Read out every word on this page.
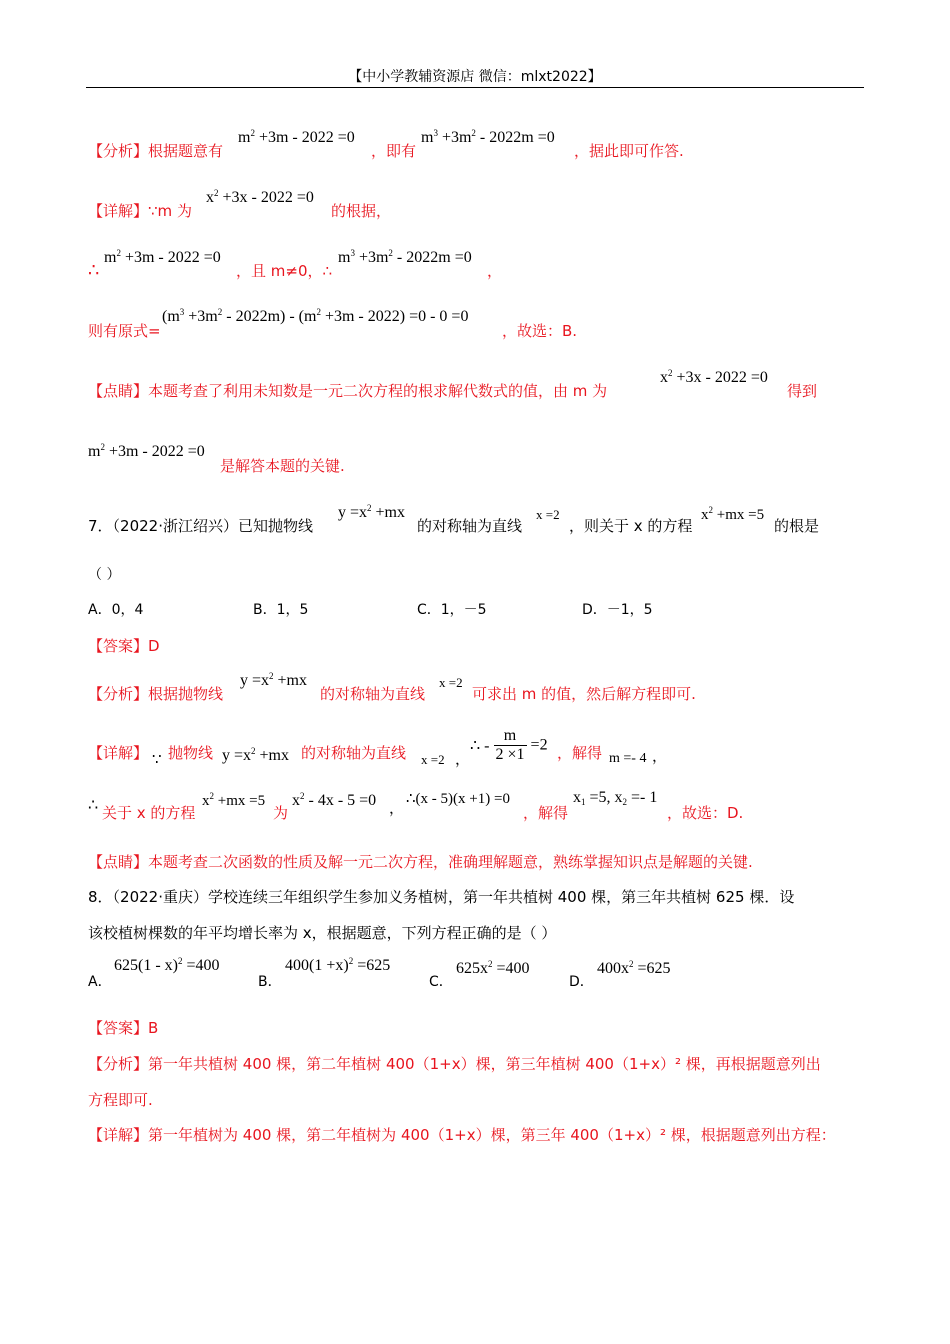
【中小学教辅资源店 微信：mlxt2022】
【分析】根据题意有
$m^2 +3m - 2022 =0$
，即有
$m^3 +3m^2 - 2022m =0$
，据此即可作答.
【详解】∵m 为
$x^2 +3x - 2022 =0$
的根据，
∴
$m^2 +3m - 2022 =0$
，且 m≠0，∴
$m^3 +3m^2 - 2022m =0$
，
则有原式=
$(m^3 +3m^2 - 2022m) - (m^2 +3m - 2022) =0 - 0 =0$
，故选：B.
【点睛】本题考查了利用未知数是一元二次方程的根求解代数式的值，由 m 为
$x^2 +3x - 2022 =0$
得到
$m^2 +3m - 2022 =0$
是解答本题的关键.
7．（2022·浙江绍兴）已知抛物线
$y =x^2 +mx$
的对称轴为直线
x =2
，则关于 x 的方程
$x^2 +mx =5$
的根是
（ ）
A．0，4	B．1，5	C．1，－5	D．－1，5
【答案】D
【分析】根据抛物线
$y =x^2 +mx$
的对称轴为直线
x =2
可求出 m 的值，然后解方程即可.
【详解】 ∵ 抛物线 $y =x^2 +mx$ 的对称轴为直线 x =2 ，
∴ - $\frac{m}{2 \times 1} =2$ ，解得 m =- 4 ，
∴ 关于 x 的方程
$x^2 +mx =5$
为
$x^2 - 4x - 5 =0$ ，
∴(x - 5)(x +1) =0
，解得
$x_1 =5$, $x_2 =- 1$
，故选：D.
【点睛】本题考查二次函数的性质及解一元二次方程，准确理解题意，熟练掌握知识点是解题的关键.
8．（2022·重庆）学校连续三年组织学生参加义务植树，第一年共植树 400 棵，第三年共植树 625 棵．设
该校植树棵数的年平均增长率为 x，根据题意，下列方程正确的是（ ）
A．
625(1 - x)$^2$ =400
B．
$400(1 +x)^2 =625$
C．
$625x^2 =400$
D．
$400x^2 =625$
【答案】B
【分析】第一年共植树 400 棵，第二年植树 400（1+x）棵，第三年植树 400（1+x）² 棵，再根据题意列出
方程即可.
【详解】第一年植树为 400 棵，第二年植树为 400（1+x）棵，第三年 400（1+x）² 棵，根据题意列出方程：
